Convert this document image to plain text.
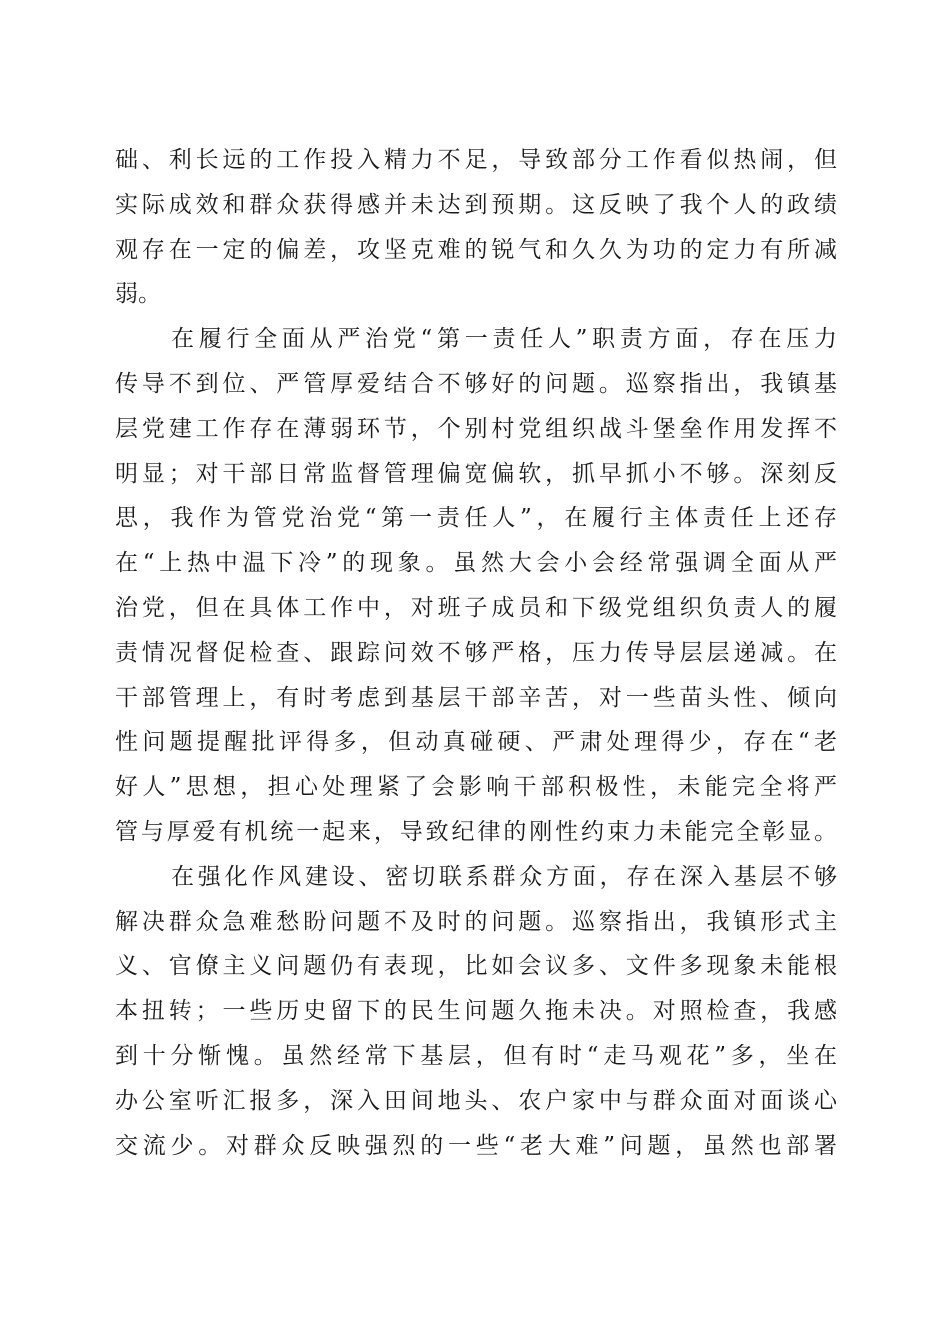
础、利长远的工作投入精力不足，导致部分工作看似热闹，但
实际成效和群众获得感并未达到预期。这反映了我个人的政绩
观存在一定的偏差，攻坚克难的锐气和久久为功的定力有所减
弱。
在履行全面从严治党“第一责任人”职责方面，存在压力
传导不到位、严管厚爱结合不够好的问题。巡察指出，我镇基
层党建工作存在薄弱环节，个别村党组织战斗堡垒作用发挥不
明显；对干部日常监督管理偏宽偏软，抓早抓小不够。深刻反
思，我作为管党治党“第一责任人”，在履行主体责任上还存
在“上热中温下冷”的现象。虽然大会小会经常强调全面从严
治党，但在具体工作中，对班子成员和下级党组织负责人的履
责情况督促检查、跟踪问效不够严格，压力传导层层递减。在
干部管理上，有时考虑到基层干部辛苦，对一些苗头性、倾向
性问题提醒批评得多，但动真碰硬、严肃处理得少，存在“老
好人”思想，担心处理紧了会影响干部积极性，未能完全将严
管与厚爱有机统一起来，导致纪律的刚性约束力未能完全彰显。
在强化作风建设、密切联系群众方面，存在深入基层不够
解决群众急难愁盼问题不及时的问题。巡察指出，我镇形式主
义、官僚主义问题仍有表现，比如会议多、文件多现象未能根
本扭转；一些历史留下的民生问题久拖未决。对照检查，我感
到十分惭愧。虽然经常下基层，但有时“走马观花”多，坐在
办公室听汇报多，深入田间地头、农户家中与群众面对面谈心
交流少。对群众反映强烈的一些“老大难”问题，虽然也部署
